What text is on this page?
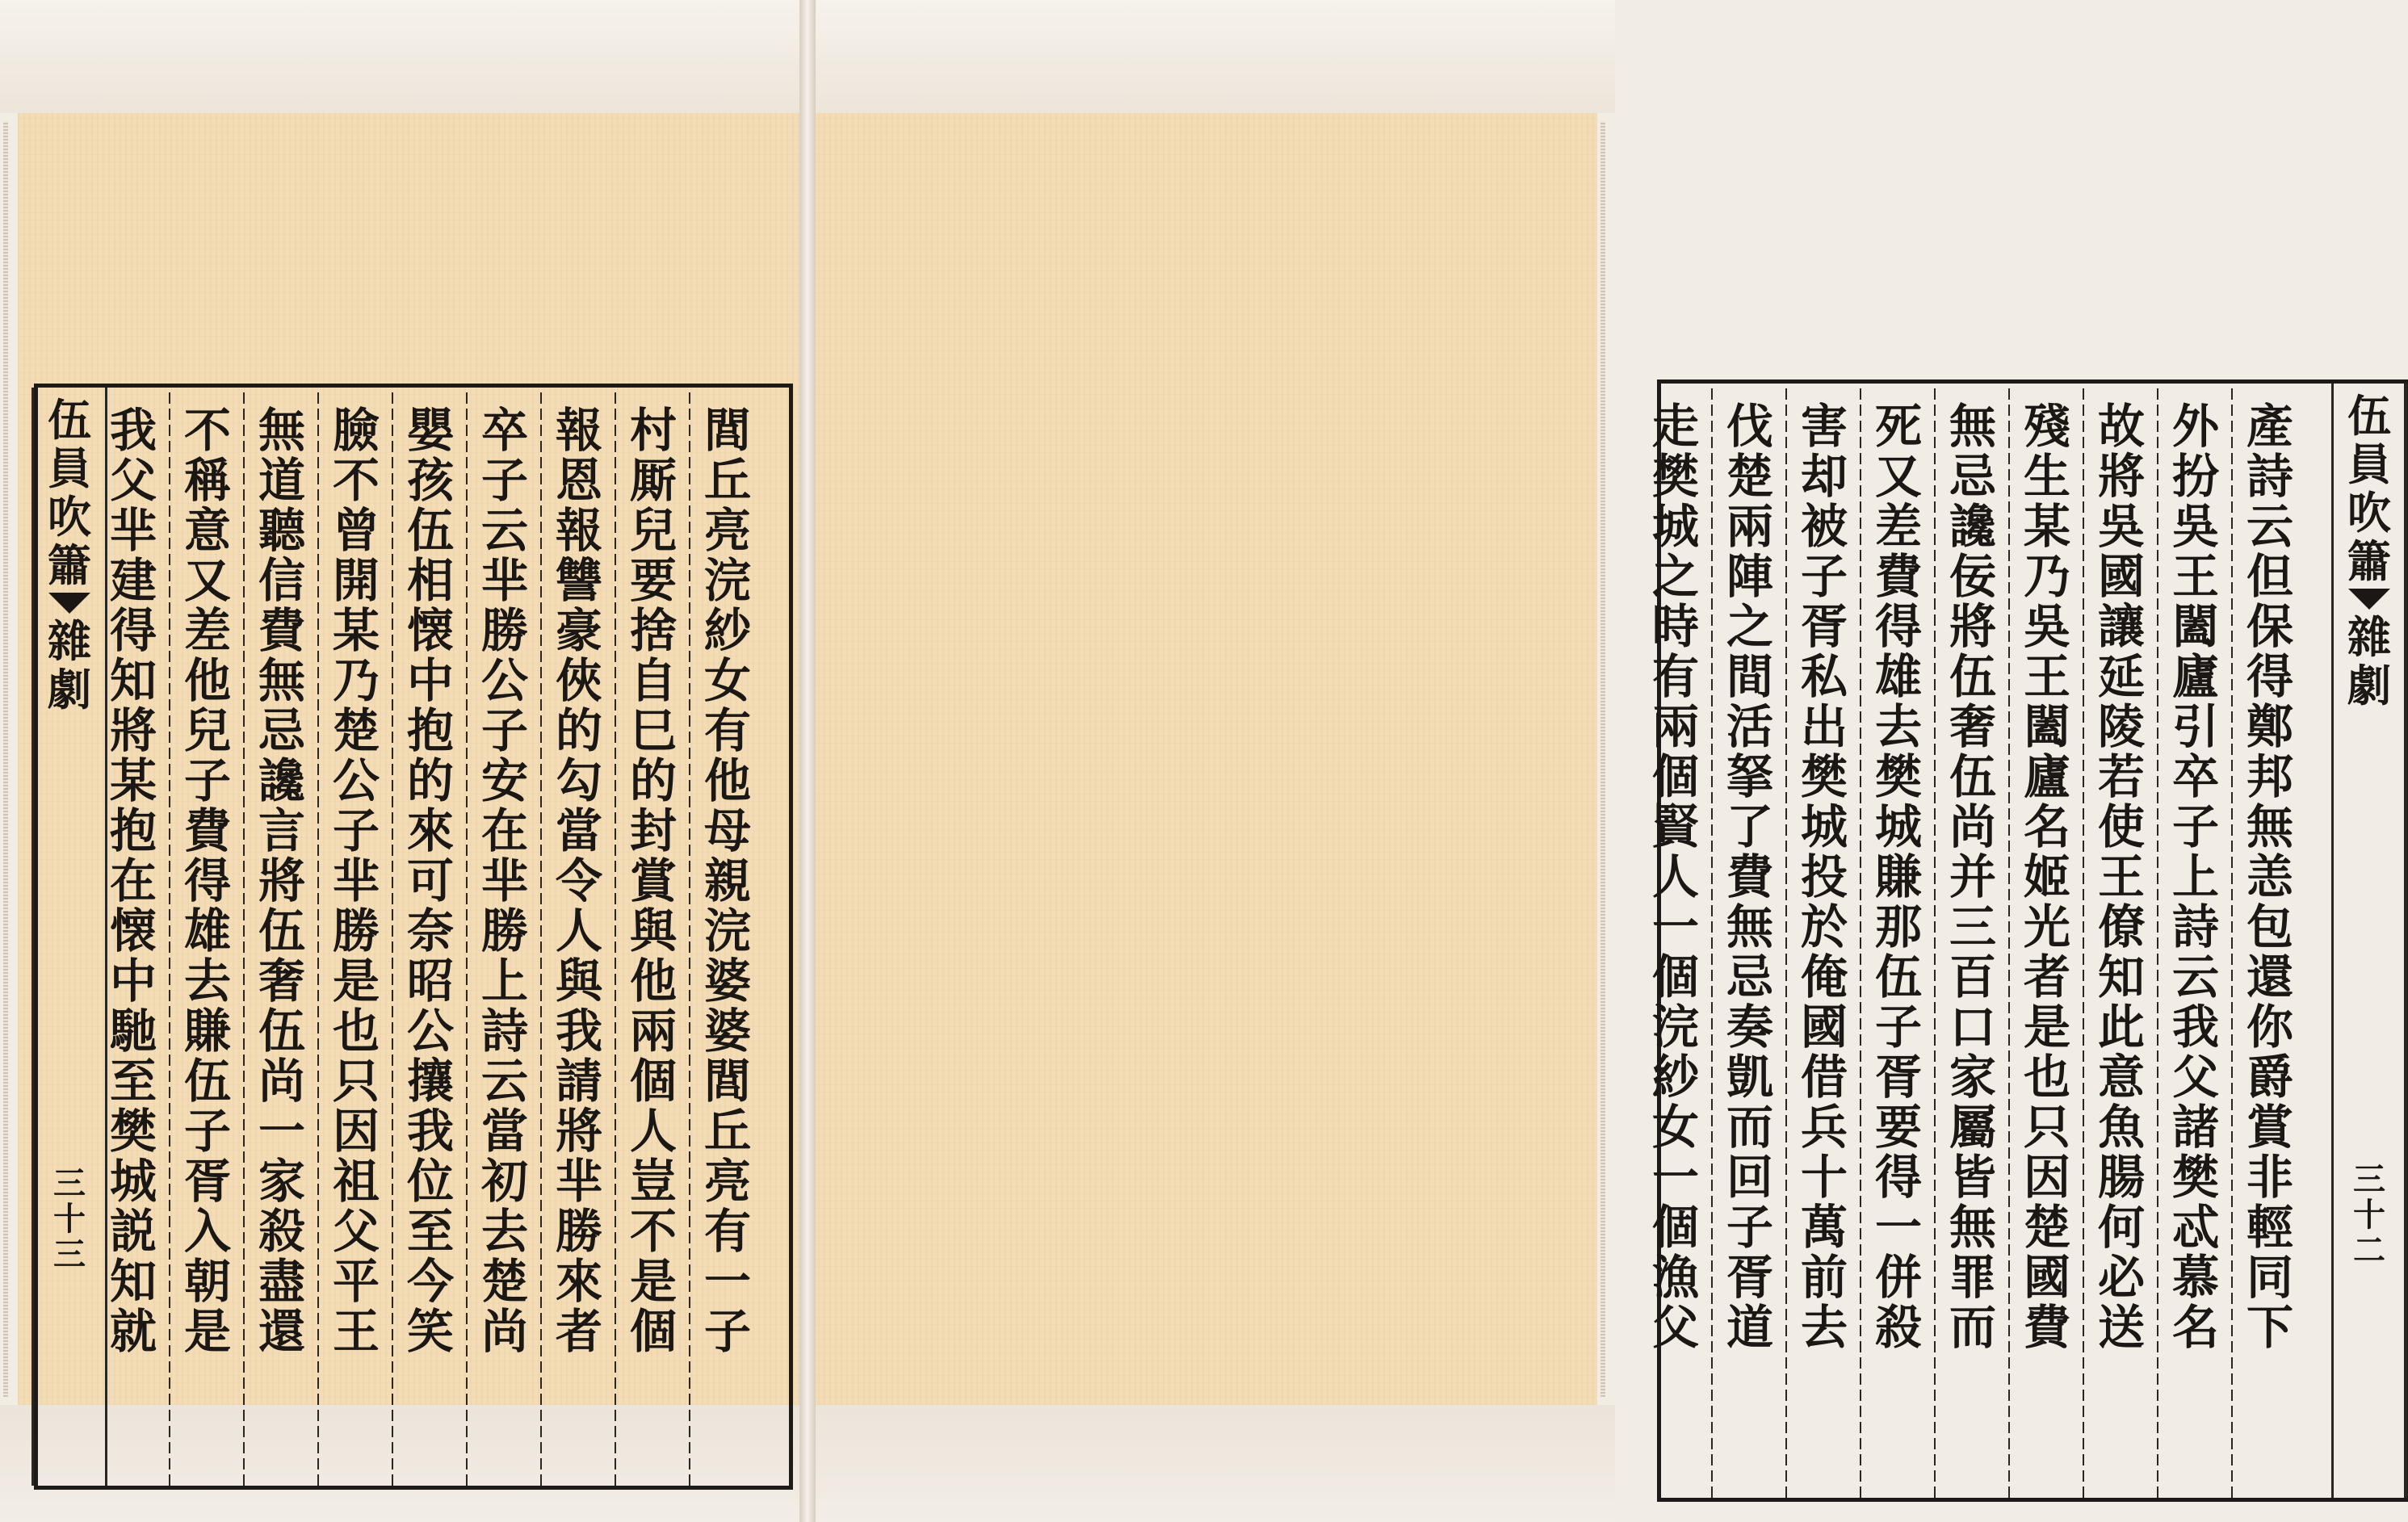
閭
丘
亮
浣
紗
女
有
他
母
親
浣
婆
婆
閭
丘
亮
有
一
子
村
厮
兒
要
捨
自
巳
的
封
賞
與
他
兩
個
人
豈
不
是
個
報
恩
報
讐
豪
俠
的
勾
當
令
人
與
我
請
將
芈
勝
來
者
卒
子
云
芈
勝
公
子
安
在
芈
勝
上
詩
云
當
初
去
楚
尚
嬰
孩
伍
相
懐
中
抱
的
來
可
奈
昭
公
攘
我
位
至
今
笑
臉
不
曾
開
某
乃
楚
公
子
芈
勝
是
也
只
因
祖
父
平
王
無
道
聽
信
費
無
忌
讒
言
將
伍
奢
伍
尚
一
家
殺
盡
還
不
稱
意
又
差
他
兒
子
費
得
雄
去
賺
伍
子
胥
入
朝
是
我
父
芈
建
得
知
將
某
抱
在
懐
中
馳
至
樊
城
説
知
就
伍
員
吹
簫
雜
劇
三
十
三
產
詩
云
但
保
得
鄭
邦
無
恙
包
還
你
爵
賞
非
輕
同
下
外
扮
吳
王
闔
廬
引
卒
子
上
詩
云
我
父
諸
樊
忒
慕
名
故
將
吳
國
讓
延
陵
若
使
王
僚
知
此
意
魚
腸
何
必
送
殘
生
某
乃
吳
王
闔
廬
名
姬
光
者
是
也
只
因
楚
國
費
無
忌
讒
佞
將
伍
奢
伍
尚
并
三
百
口
家
屬
皆
無
罪
而
死
又
差
費
得
雄
去
樊
城
賺
那
伍
子
胥
要
得
一
併
殺
害
却
被
子
胥
私
出
樊
城
投
於
俺
國
借
兵
十
萬
前
去
伐
楚
兩
陣
之
間
活
拏
了
費
無
忌
奏
凱
而
回
子
胥
道
走
樊
城
之
時
有
兩
個
賢
人
一
個
浣
紗
女
一
個
漁
父
伍
員
吹
簫
雜
劇
三
十
二
